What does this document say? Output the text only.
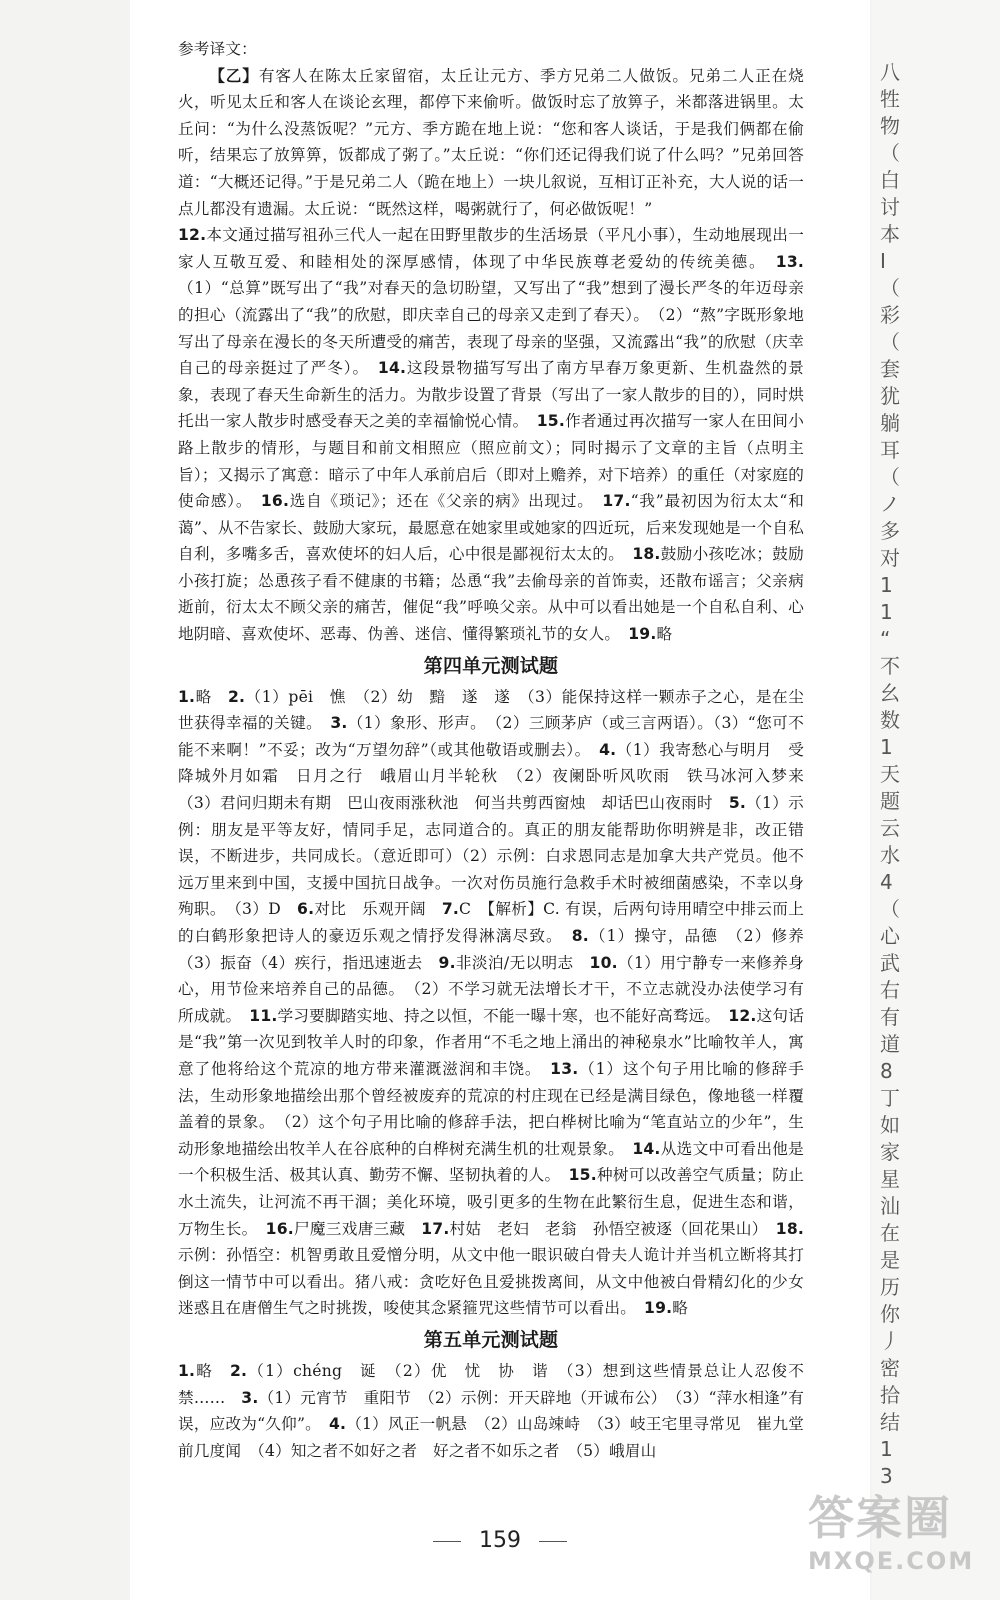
参考译文：

【乙】有客人在陈太丘家留宿，太丘让元方、季方兄弟二人做饭。兄弟二人正在烧火，听见太丘和客人在谈论玄理，都停下来偷听。做饭时忘了放箅子，米都落进锅里。太丘问：“为什么没蒸饭呢？”元方、季方跪在地上说：“您和客人谈话，于是我们俩都在偷听，结果忘了放箅箅，饭都成了粥了。”太丘说：“你们还记得我们说了什么吗？”兄弟回答道：“大概还记得。”于是兄弟二人（跪在地上）一块儿叙说，互相订正补充，大人说的话一点儿都没有遗漏。太丘说：“既然这样，喝粥就行了，何必做饭呢！”

12.本文通过描写祖孙三代人一起在田野里散步的生活场景（平凡小事），生动地展现出一家人互敬互爱、和睦相处的深厚感情，体现了中华民族尊老爱幼的传统美德。　 13.（1）“总算”既写出了“我”对春天的急切盼望，又写出了“我”想到了漫长严冬的年迈母亲的担心（流露出了“我”的欣慰，即庆幸自己的母亲又走到了春天）。　（2）“熬”字既形象地写出了母亲在漫长的冬天所遭受的痛苦，表现了母亲的坚强，又流露出“我”的欣慰（庆幸自己的母亲挺过了严冬）。　 14.这段景物描写写出了南方早春万象更新、生机盎然的景象，表现了春天生命新生的活力。为散步设置了背景（写出了一家人散步的目的），同时烘托出一家人散步时感受春天之美的幸福愉悦心情。　 15.作者通过再次描写一家人在田间小路上散步的情形，与题目和前文相照应（照应前文）；同时揭示了文章的主旨（点明主旨）；又揭示了寓意：暗示了中年人承前启后（即对上赡养，对下培养）的重任（对家庭的使命感）。　 16.选自《琐记》；还在《父亲的病》出现过。　 17.“我”最初因为衍太太“和蔼”、从不告家长、鼓励大家玩，最愿意在她家里或她家的四近玩，后来发现她是一个自私自利，多嘴多舌，喜欢使坏的妇人后，心中很是鄙视衍太太的。　 18.鼓励小孩吃冰；鼓励小孩打旋；怂恿孩子看不健康的书籍；怂恿“我”去偷母亲的首饰卖，还散布谣言；父亲病逝前，衍太太不顾父亲的痛苦，催促“我”呼唤父亲。从中可以看出她是一个自私自利、心地阴暗、喜欢使坏、恶毒、伪善、迷信、懂得繁琐礼节的女人。　 19.略

第四单元测试题

1.略　 2.（1）pēi　憔　（2）幼　黯　遂　遂　（3）能保持这样一颗赤子之心，是在尘世获得幸福的关键。　 3.（1）象形、形声。　（2）三顾茅庐（或三言两语）。（3）“您可不能不来啊！”不妥；改为“万望勿辞”（或其他敬语或删去）。　 4.（1）我寄愁心与明月　受降城外月如霜　日月之行　峨眉山月半轮秋　（2）夜阑卧听风吹雨　铁马冰河入梦来　（3）君问归期未有期　巴山夜雨涨秋池　何当共剪西窗烛　却话巴山夜雨时　 5.（1）示例：朋友是平等友好，情同手足，志同道合的。真正的朋友能帮助你明辨是非，改正错误，不断进步，共同成长。（意近即可）（2）示例：白求恩同志是加拿大共产党员。他不远万里来到中国，支援中国抗日战争。一次对伤员施行急救手术时被细菌感染，不幸以身殉职。　（3）D　 6.对比　乐观开阔　 7.C　【解析】C. 有误，后两句诗用晴空中排云而上的白鹤形象把诗人的豪迈乐观之情抒发得淋漓尽致。　 8.（1）操守，品德　（2）修养　（3）振奋（4）疾行，指迅速逝去　 9.非淡泊/无以明志　 10.（1）用宁静专一来修养身心，用节俭来培养自己的品德。　（2）不学习就无法增长才干，不立志就没办法使学习有所成就。　 11.学习要脚踏实地、持之以恒，不能一曝十寒，也不能好高骛远。　 12.这句话是“我”第一次见到牧羊人时的印象，作者用“不毛之地上涌出的神秘泉水”比喻牧羊人，寓意了他将给这个荒凉的地方带来灌溉滋润和丰饶。　 13.（1）这个句子用比喻的修辞手法，生动形象地描绘出那个曾经被废弃的荒凉的村庄现在已经是满目绿色，像地毯一样覆盖着的景象。　（2）这个句子用比喻的修辞手法，把白桦树比喻为“笔直站立的少年”，生动形象地描绘出牧羊人在谷底种的白桦树充满生机的壮观景象。　 14.从选文中可看出他是一个积极生活、极其认真、勤劳不懈、坚韧执着的人。　 15.种树可以改善空气质量；防止水土流失，让河流不再干涸；美化环境，吸引更多的生物在此繁衍生息，促进生态和谐，万物生长。　 16.尸魔三戏唐三藏　 17.村姑　老妇　老翁　孙悟空被逐（回花果山）　 18.示例：孙悟空：机智勇敢且爱憎分明，从文中他一眼识破白骨夫人诡计并当机立断将其打倒这一情节中可以看出。猪八戒：贪吃好色且爱挑拨离间，从文中他被白骨精幻化的少女迷惑且在唐僧生气之时挑拨，唆使其念紧箍咒这些情节可以看出。　 19.略

第五单元测试题

1.略　 2.（1）chéng　诞　（2）优　忧　协　谐　（3）想到这些情景总让人忍俊不禁……　 3.（1）元宵节　重阳节　（2）示例：开天辟地（开诚布公）　（3）“萍水相逢”有误，应改为“久仰”。　 4.（1）风正一帆悬　（2）山岛竦峙　（3）岐王宅里寻常见　崔九堂前几度闻　（4）知之者不如好之者　好之者不如乐之者　（5）峨眉山

159	答案圈
MXQE.COM
八
牲
物
（
白
讨
本
I
（
彩
（
套
犹
躺
耳
（
ノ
多
对
1
1
“
不
幺
数
1
天
题
云
水
4
（
心
武
右
有
道
8
丁
如
家
星
汕
在
是
历
你
丿
密
拾
结
1
3
